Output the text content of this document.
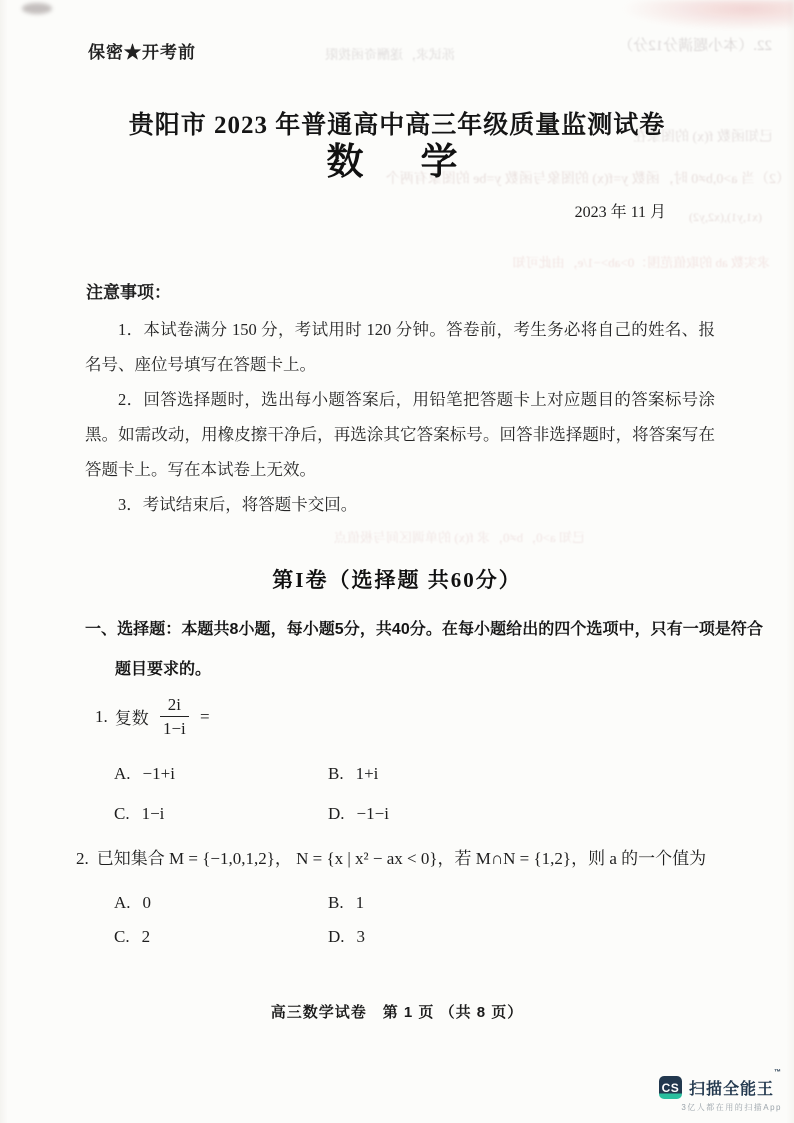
泺试求，遂酬奇函拨限
22.（本小题满分12分）
已知函数 f(x) 的图象在
（2）当 a>0,b≠0 时，函数 y=f(x) 的图象与函数 y=be 的图象有两个
(x1,y1),(x2,y2)
求实数 ab 的取值范围：0>ab>−1/e，由此可知
已知 a>0，b≠0，求 f(x) 的单调区间与极值点
保密★开考前
贵阳市 2023 年普通高中高三年级质量监测试卷
数　学
2023 年 11 月
注意事项：

1．本试卷满分 150 分，考试用时 120 分钟。答卷前，考生务必将自己的姓名、报名号、座位号填写在答题卡上。

2．回答选择题时，选出每小题答案后，用铅笔把答题卡上对应题目的答案标号涂黑。如需改动，用橡皮擦干净后，再选涂其它答案标号。回答非选择题时，将答案写在答题卡上。写在本试卷上无效。

3．考试结束后，将答题卡交回。

第I卷（选择题 共60分）

一、选择题：本题共8小题，每小题5分，共40分。在每小题给出的四个选项中，只有一项是符合题目要求的。

1. 复数 $\frac{2i}{1-i}$ =
A. −1+i	B. 1+i
C. 1−i	D. −1−i

2. 已知集合 M = {−1,0,1,2}， N = {x | x² − ax < 0}，若 M∩N = {1,2}，则 a 的一个值为

A. 0	B. 1
C. 2	D. 3
高三数学试卷　第 1 页 （共 8 页）
CS 扫描全能王™
3亿人都在用的扫描App
